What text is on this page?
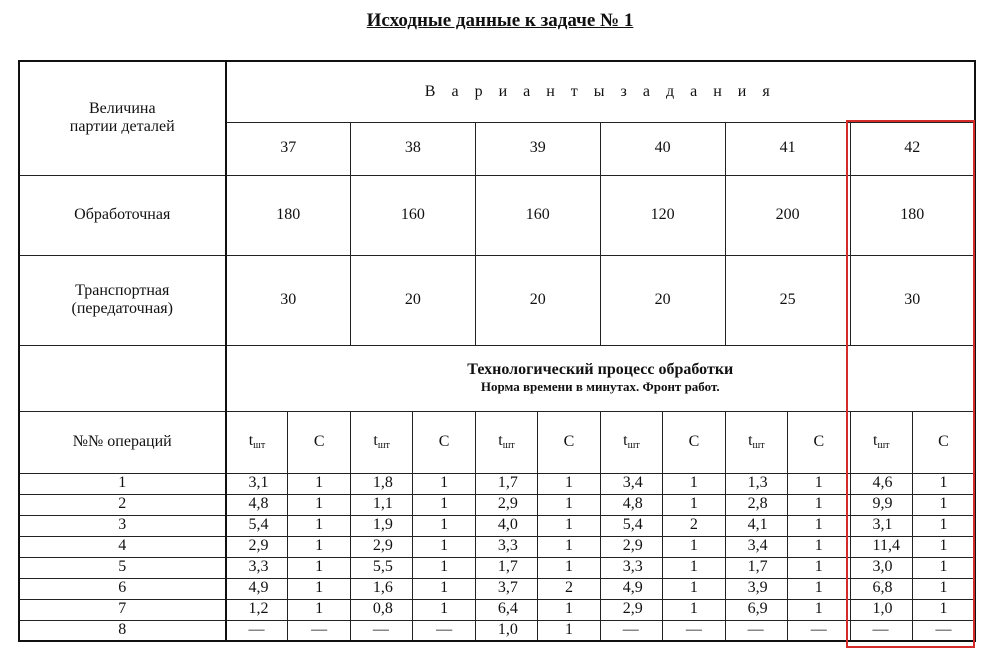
Исходные данные к задаче № 1
Величина
партии деталей	В а р и а н т ы з а д а н и я											
	37		38		39		40		41		42	
Обработочная	180		160		160		120		200		180	
Транспортная
(передаточная)	30		20		20		20		25		30	

	Технологический процесс обработки
Норма времени в минутах. Фронт работ.											

№№ операций	$t_{шт}$	С	$t_{шт}$	С	$t_{шт}$	С	$t_{шт}$	С	$t_{шт}$	С	$t_{шт}$	С
1	3,1	1	1,8	1	1,7	1	3,4	1	1,3	1	4,6	1
2	4,8	1	1,1	1	2,9	1	4,8	1	2,8	1	9,9	1
3	5,4	1	1,9	1	4,0	1	5,4	2	4,1	1	3,1	1
4	2,9	1	2,9	1	3,3	1	2,9	1	3,4	1	11,4	1
5	3,3	1	5,5	1	1,7	1	3,3	1	1,7	1	3,0	1
6	4,9	1	1,6	1	3,7	2	4,9	1	3,9	1	6,8	1
7	1,2	1	0,8	1	6,4	1	2,9	1	6,9	1	1,0	1
8	—	—	—	—	1,0	1	—	—	—	—	—	—
